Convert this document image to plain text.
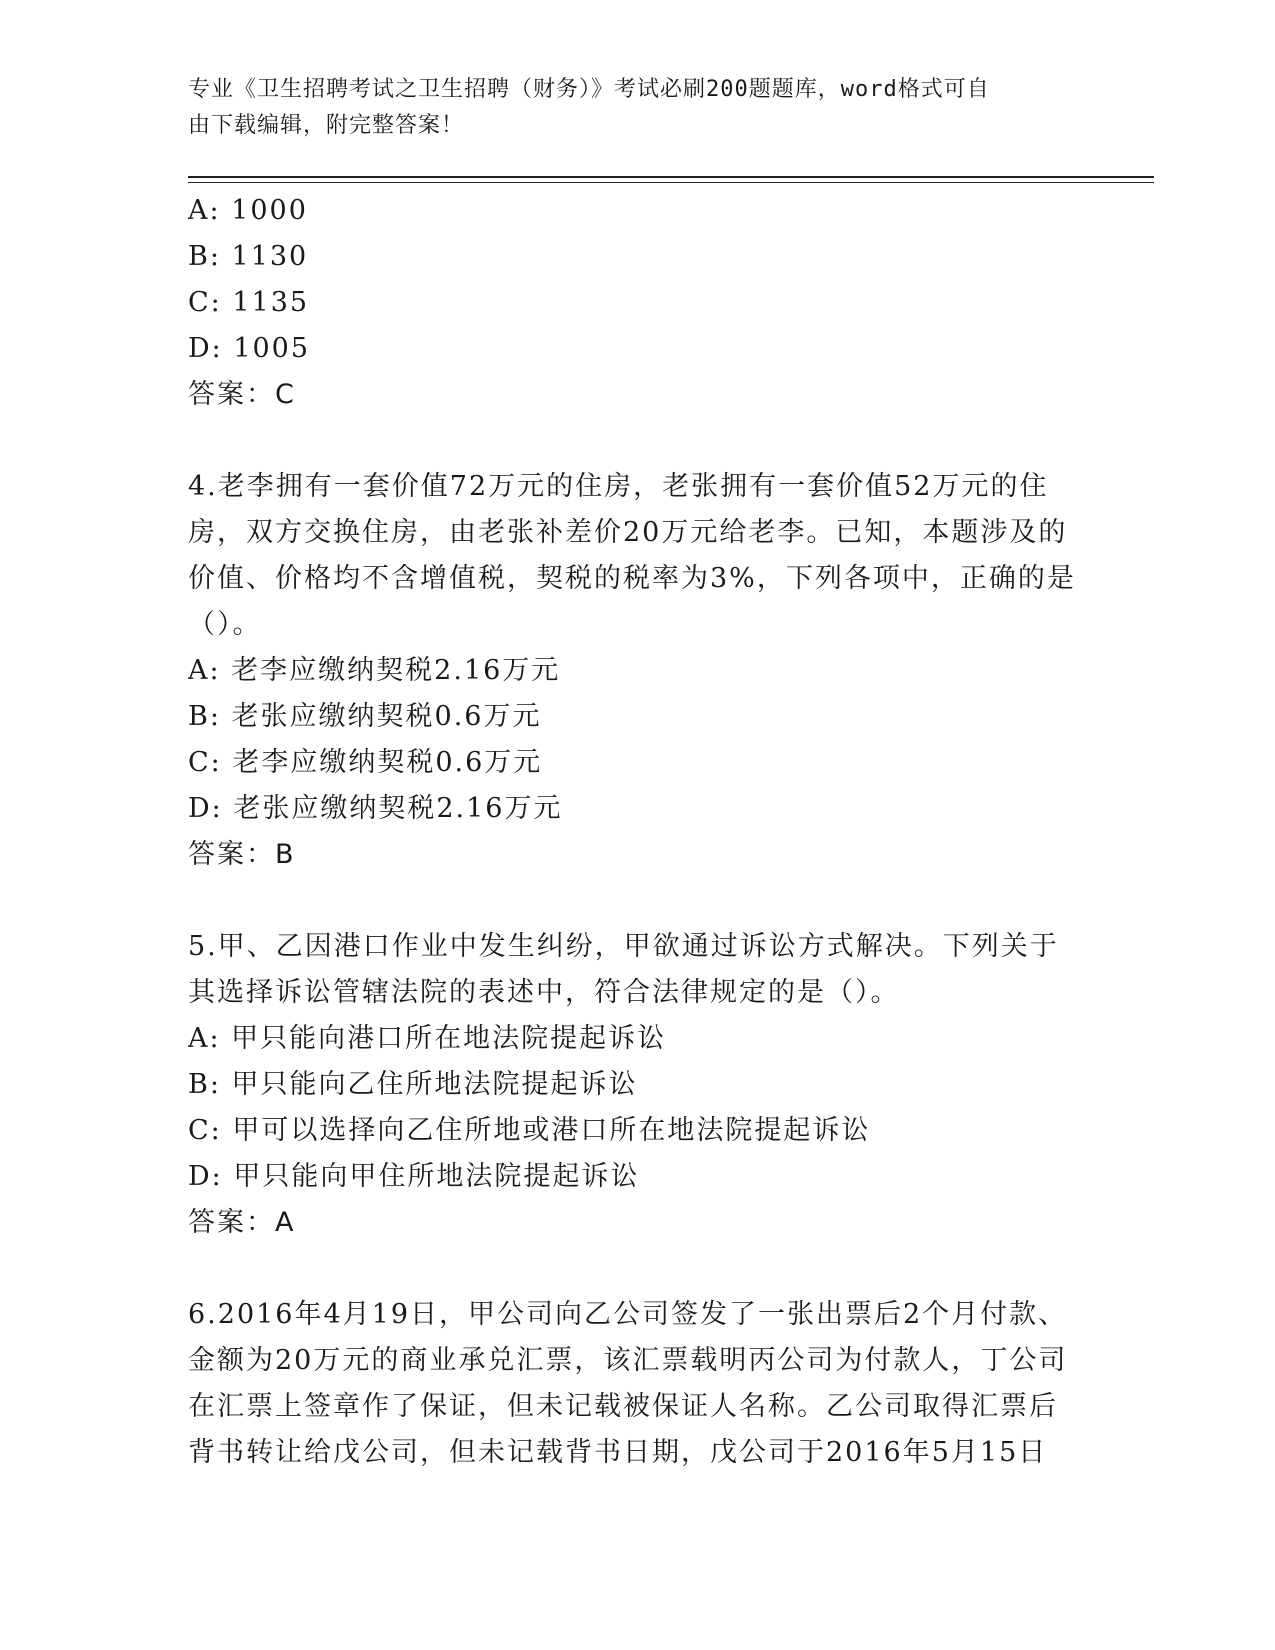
专业《卫生招聘考试之卫生招聘（财务）》考试必刷200题题库，word格式可自
由下载编辑，附完整答案！
A: 1000
B: 1130
C: 1135
D: 1005
答案：C
4.老李拥有一套价值72万元的住房，老张拥有一套价值52万元的住
房，双方交换住房，由老张补差价20万元给老李。已知，本题涉及的
价值、价格均不含增值税，契税的税率为3%，下列各项中，正确的是
（）。
A: 老李应缴纳契税2.16万元
B: 老张应缴纳契税0.6万元
C: 老李应缴纳契税0.6万元
D: 老张应缴纳契税2.16万元
答案：B
5.甲、乙因港口作业中发生纠纷，甲欲通过诉讼方式解决。下列关于
其选择诉讼管辖法院的表述中，符合法律规定的是（）。
A: 甲只能向港口所在地法院提起诉讼
B: 甲只能向乙住所地法院提起诉讼
C: 甲可以选择向乙住所地或港口所在地法院提起诉讼
D: 甲只能向甲住所地法院提起诉讼
答案：A
6.2016年4月19日，甲公司向乙公司签发了一张出票后2个月付款、
金额为20万元的商业承兑汇票，该汇票载明丙公司为付款人，丁公司
在汇票上签章作了保证，但未记载被保证人名称。乙公司取得汇票后
背书转让给戊公司，但未记载背书日期，戊公司于2016年5月15日
